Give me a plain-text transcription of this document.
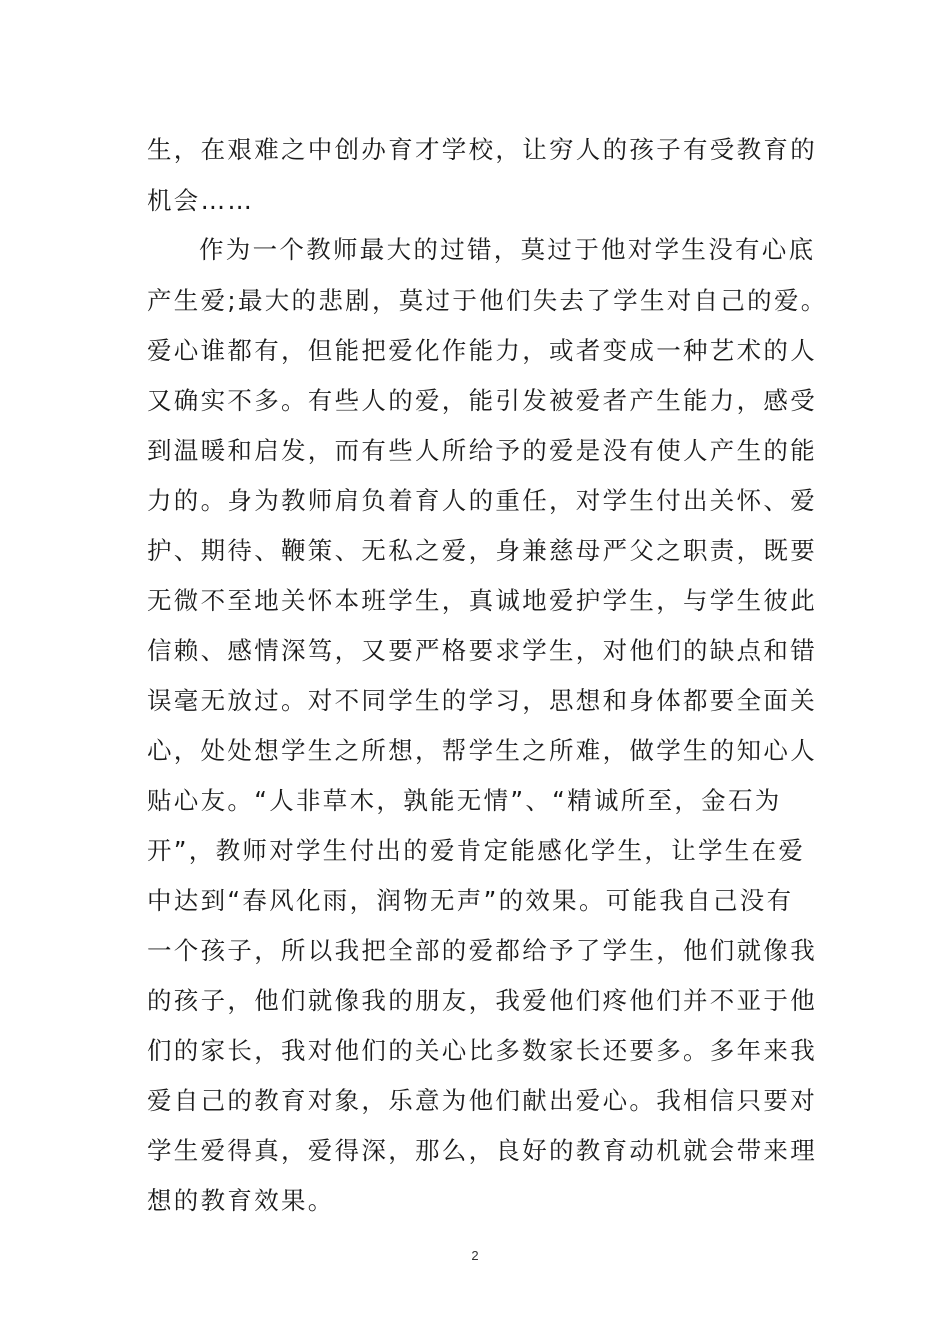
生，在艰难之中创办育才学校，让穷人的孩子有受教育的
机会……
作为一个教师最大的过错，莫过于他对学生没有心底
产生爱;最大的悲剧，莫过于他们失去了学生对自己的爱。
爱心谁都有，但能把爱化作能力，或者变成一种艺术的人
又确实不多。有些人的爱，能引发被爱者产生能力，感受
到温暖和启发，而有些人所给予的爱是没有使人产生的能
力的。身为教师肩负着育人的重任，对学生付出关怀、爱
护、期待、鞭策、无私之爱，身兼慈母严父之职责，既要
无微不至地关怀本班学生，真诚地爱护学生，与学生彼此
信赖、感情深笃，又要严格要求学生，对他们的缺点和错
误毫无放过。对不同学生的学习，思想和身体都要全面关
心，处处想学生之所想，帮学生之所难，做学生的知心人
贴心友。“人非草木，孰能无情”、“精诚所至，金石为
开”，教师对学生付出的爱肯定能感化学生，让学生在爱
中达到“春风化雨，润物无声”的效果。可能我自己没有
一个孩子，所以我把全部的爱都给予了学生，他们就像我
的孩子，他们就像我的朋友，我爱他们疼他们并不亚于他
们的家长，我对他们的关心比多数家长还要多。多年来我
爱自己的教育对象，乐意为他们献出爱心。我相信只要对
学生爱得真，爱得深，那么，良好的教育动机就会带来理
想的教育效果。
2
